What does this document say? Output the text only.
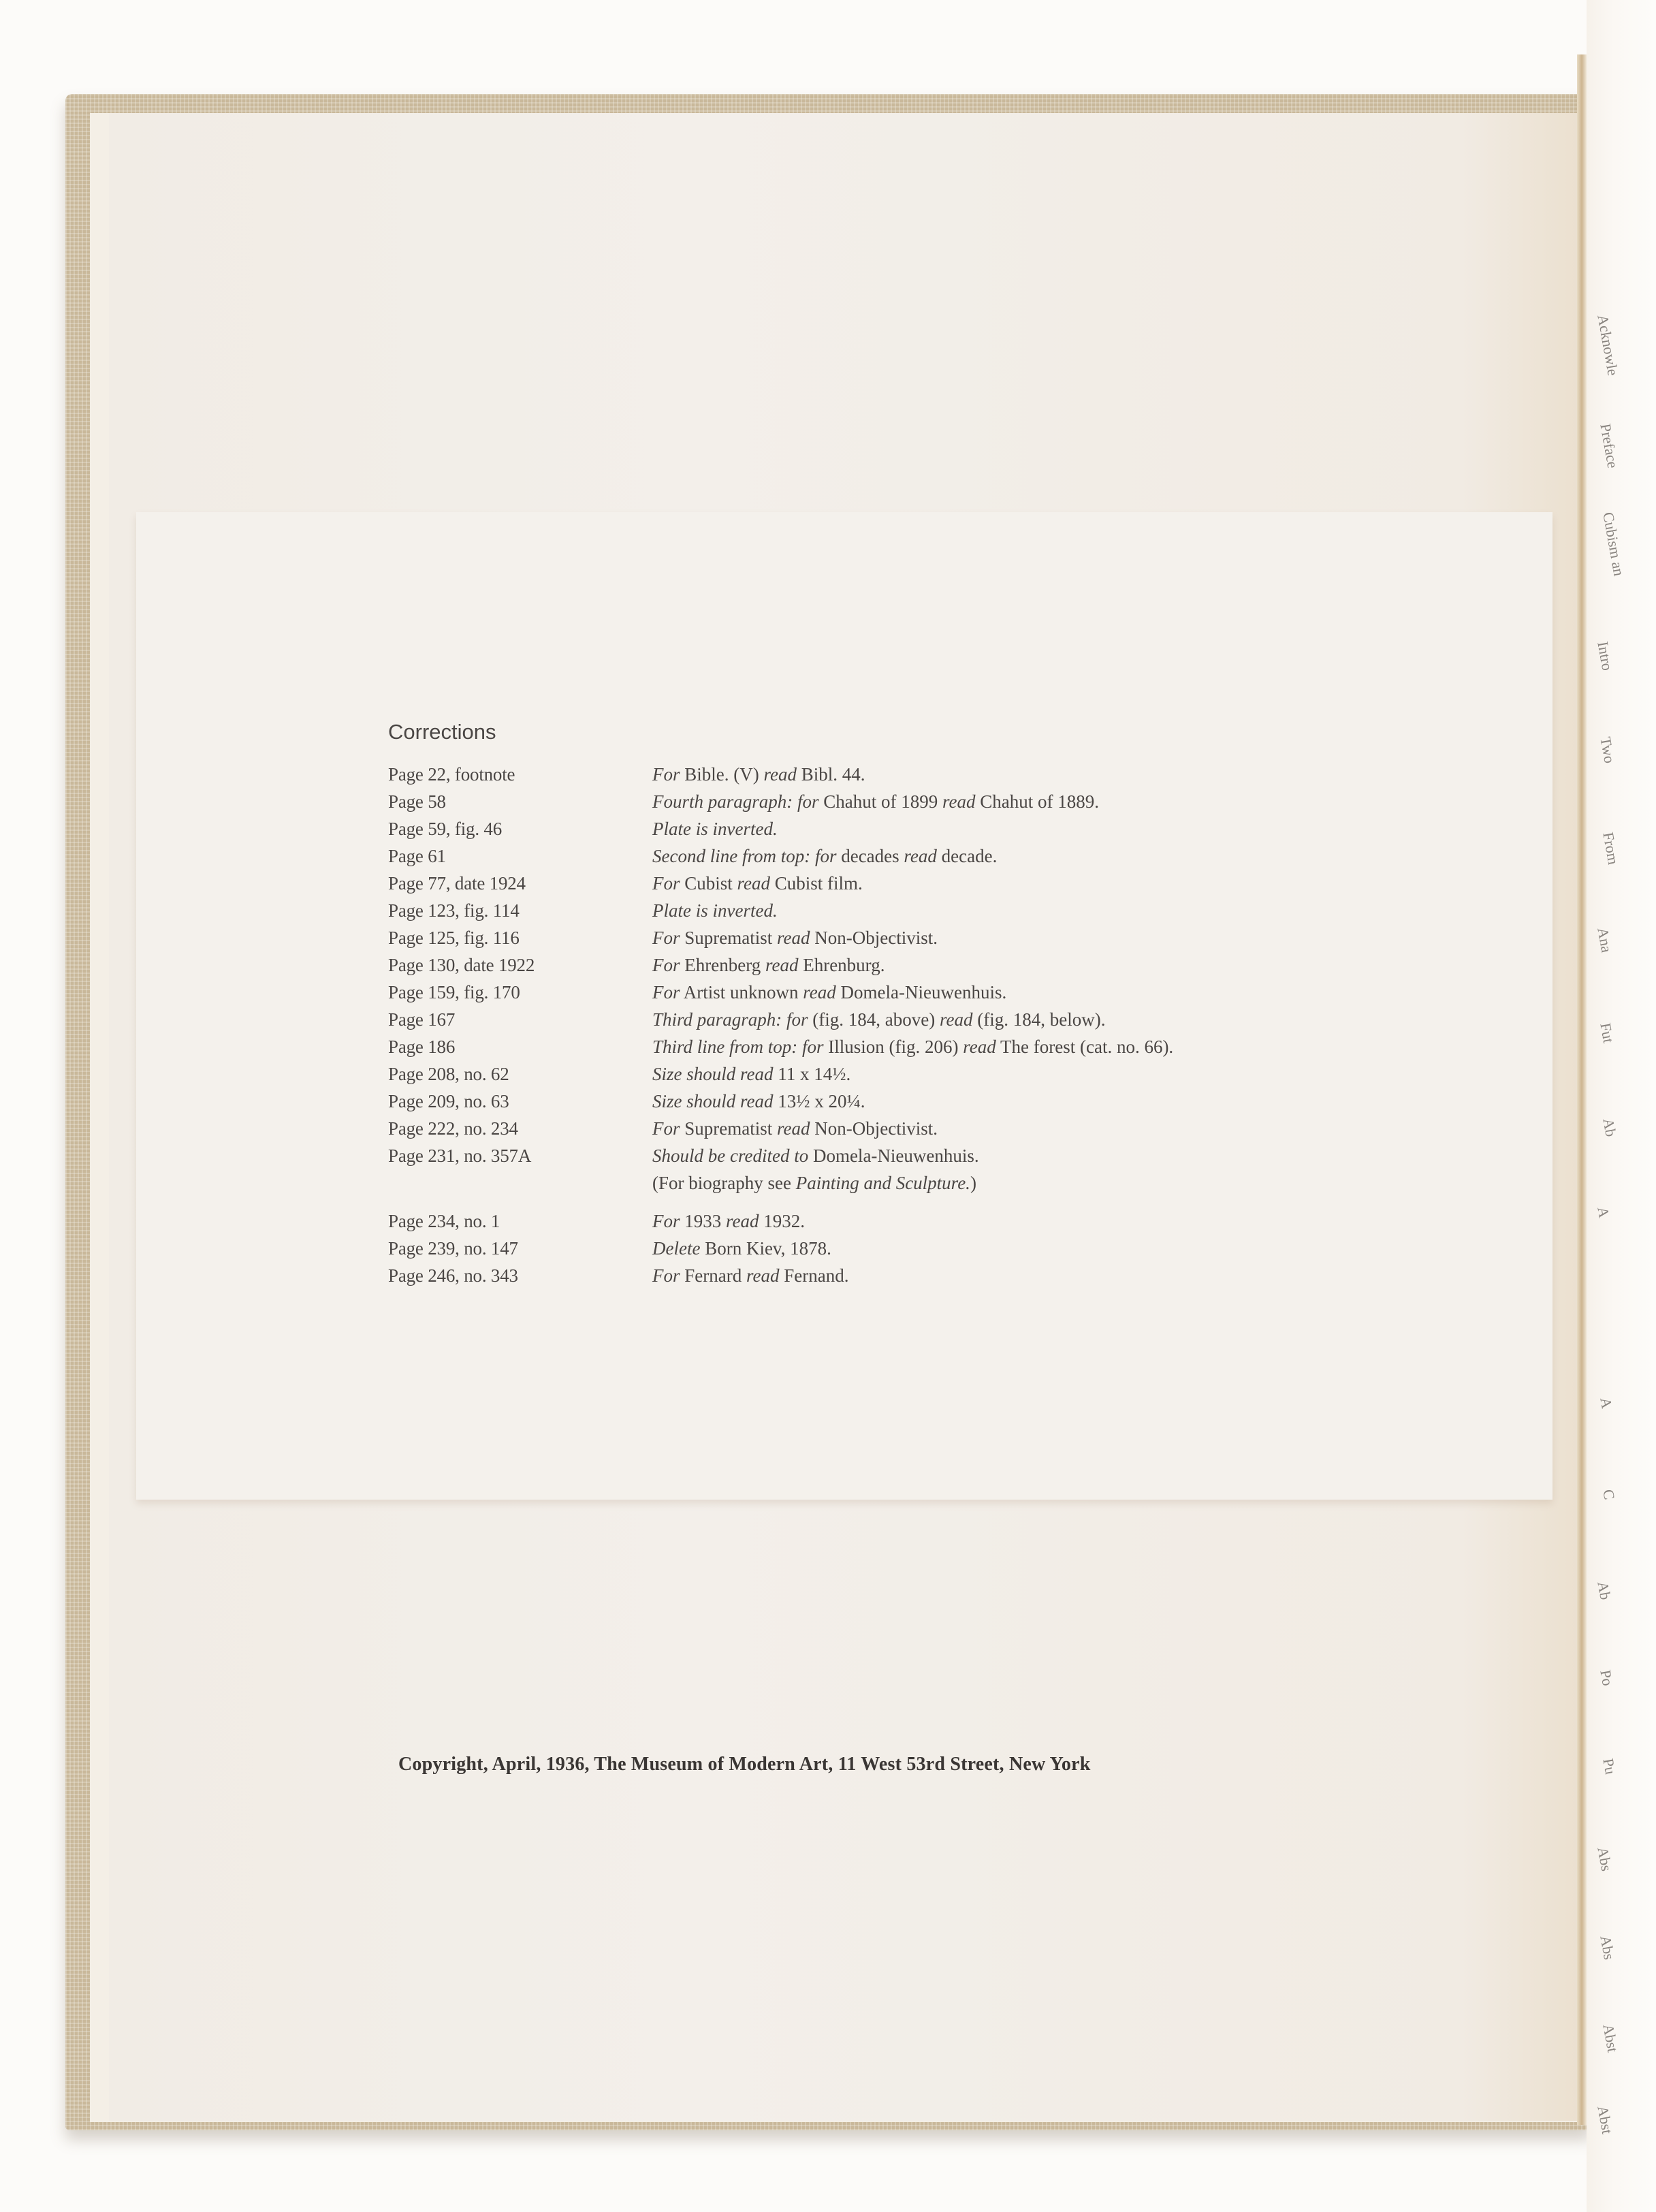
Copyright, April, 1936, The Museum of Modern Art, 11 West 53rd Street, New York
Corrections
Page 22, footnote	For Bible. (V) read Bibl. 44.
Page 58	Fourth paragraph: for Chahut of 1899 read Chahut of 1889.
Page 59, fig. 46	Plate is inverted.
Page 61	Second line from top: for decades read decade.
Page 77, date 1924	For Cubist read Cubist film.
Page 123, fig. 114	Plate is inverted.
Page 125, fig. 116	For Suprematist read Non-Objectivist.
Page 130, date 1922	For Ehrenberg read Ehrenburg.
Page 159, fig. 170	For Artist unknown read Domela-Nieuwenhuis.
Page 167	Third paragraph: for (fig. 184, above) read (fig. 184, below).
Page 186	Third line from top: for Illusion (fig. 206) read The forest (cat. no. 66).
Page 208, no. 62	Size should read 11 x 14½.
Page 209, no. 63	Size should read 13½ x 20¼.
Page 222, no. 234	For Suprematist read Non-Objectivist.
Page 231, no. 357A	Should be credited to Domela-Nieuwenhuis.
(For biography see Painting and Sculpture.)
Page 234, no. 1	For 1933 read 1932.
Page 239, no. 147	Delete Born Kiev, 1878.
Page 246, no. 343	For Fernard read Fernand.
Acknowle
Preface
Cubism an
Intro
Two
From
Ana
Fut
Ab
A
A
C
Ab
Po
Pu
Abs
Abs
Abst
Abst
